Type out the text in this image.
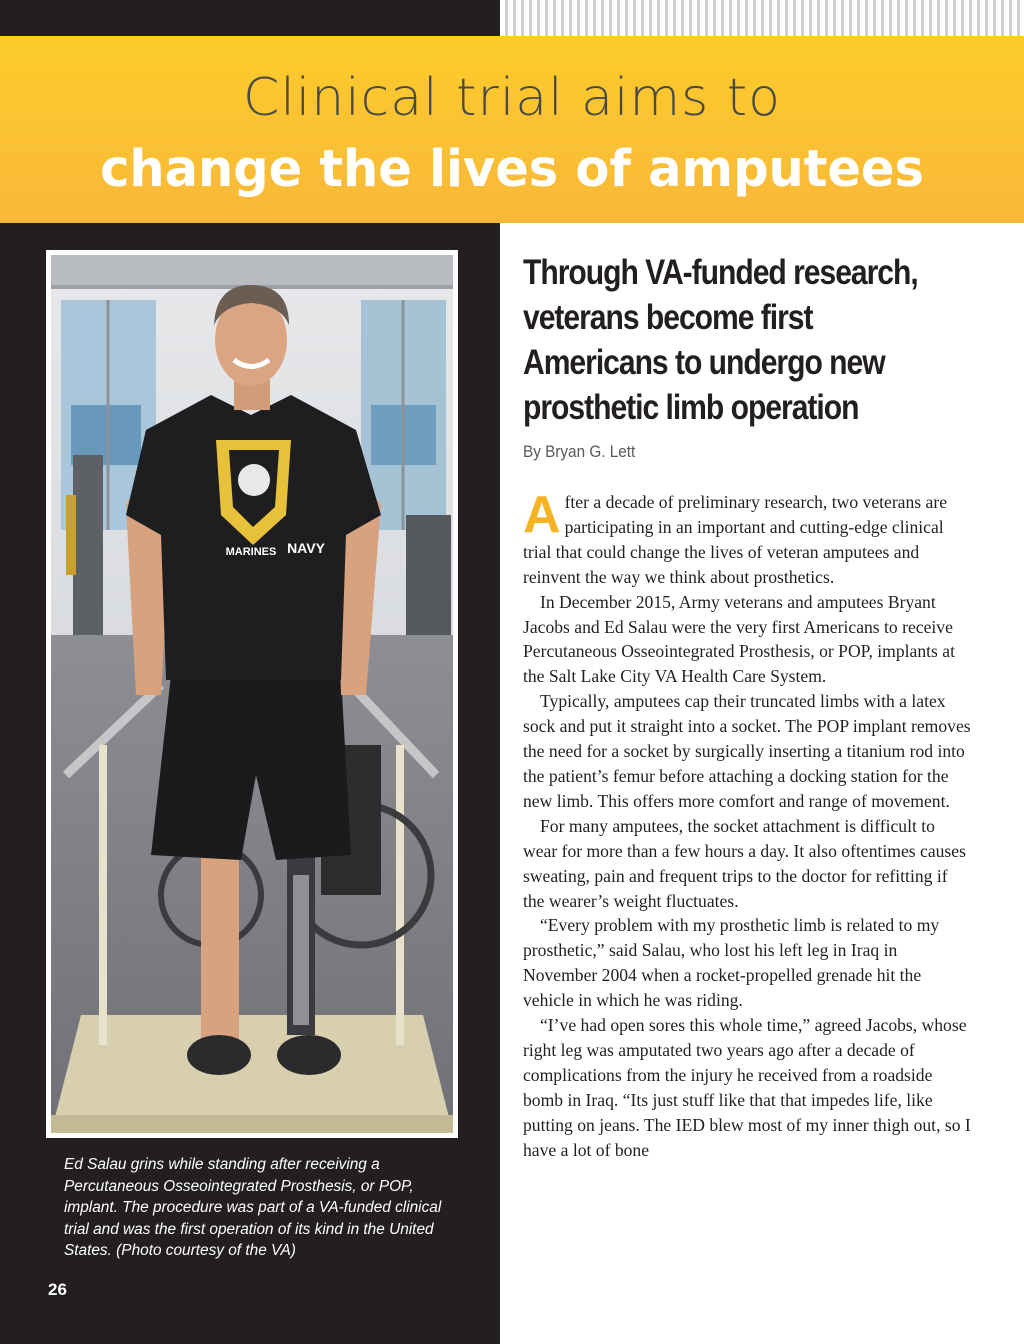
Clinical trial aims to
change the lives of amputees
MARINES NAVY
Ed Salau grins while standing after receiving a Percutaneous Osseointegrated Prosthesis, or POP, implant. The procedure was part of a VA-funded clinical trial and was the first operation of its kind in the United States. (Photo courtesy of the VA)
26
Through VA-funded research, veterans become first Americans to undergo new prosthetic limb operation
By Bryan G. Lett

After a decade of preliminary research, two veterans are participating in an important and cutting-edge clinical trial that could change the lives of veteran amputees and reinvent the way we think about prosthetics.

In December 2015, Army veterans and amputees Bryant Jacobs and Ed Salau were the very first Americans to receive Percutaneous Osseointegrated Prosthesis, or POP, implants at the Salt Lake City VA Health Care System.

Typically, amputees cap their truncated limbs with a latex sock and put it straight into a socket. The POP implant removes the need for a socket by surgically inserting a titanium rod into the patient’s femur before attaching a docking station for the new limb. This offers more comfort and range of movement.

For many amputees, the socket attachment is difficult to wear for more than a few hours a day. It also oftentimes causes sweating, pain and frequent trips to the doctor for refitting if the wearer’s weight fluctuates.

“Every problem with my prosthetic limb is related to my prosthetic,” said Salau, who lost his left leg in Iraq in November 2004 when a rocket-propelled grenade hit the vehicle in which he was riding.

“I’ve had open sores this whole time,” agreed Jacobs, whose right leg was amputated two years ago after a decade of complications from the injury he received from a roadside bomb in Iraq. “Its just stuff like that that impedes life, like putting on jeans. The IED blew most of my inner thigh out, so I have a lot of bone
